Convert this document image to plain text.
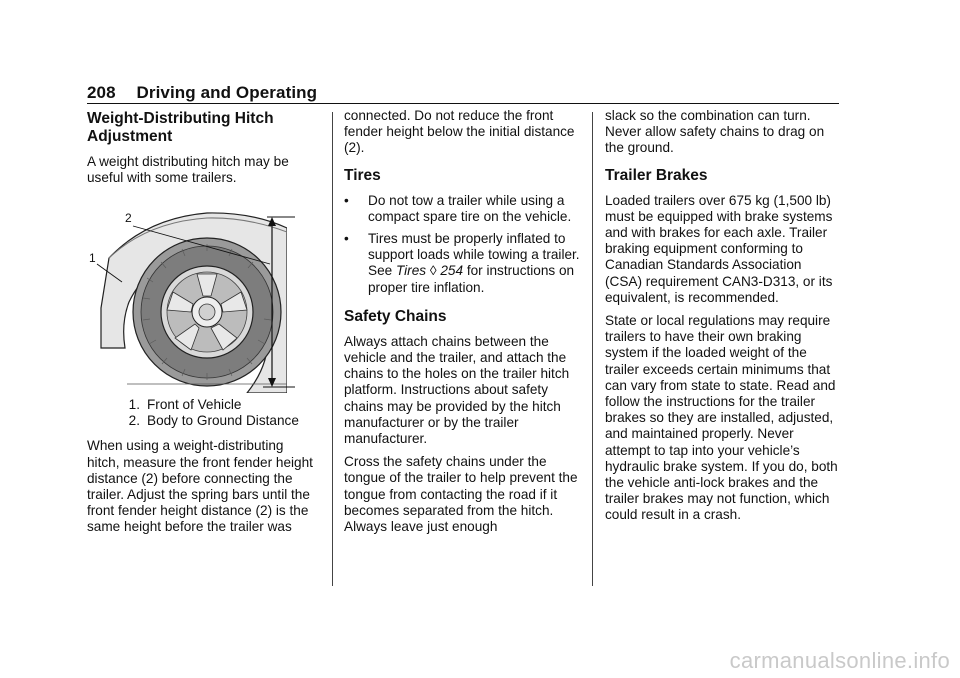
208 Driving and Operating
Weight-Distributing Hitch Adjustment

A weight distributing hitch may be useful with some trailers.

2
1
1. Front of Vehicle
2. Body to Ground Distance

When using a weight-distributing hitch, measure the front fender height distance (2) before connecting the trailer. Adjust the spring bars until the front fender height distance (2) is the same height before the trailer was

connected. Do not reduce the front fender height below the initial distance (2).

Tires
•	Do not tow a trailer while using a compact spare tire on the vehicle.
•	Tires must be properly inflated to support loads while towing a trailer. See Tires ◊ 254 for instructions on proper tire inflation.
Safety Chains

Always attach chains between the vehicle and the trailer, and attach the chains to the holes on the trailer hitch platform. Instructions about safety chains may be provided by the hitch manufacturer or by the trailer manufacturer.

Cross the safety chains under the tongue of the trailer to help prevent the tongue from contacting the road if it becomes separated from the hitch. Always leave just enough

slack so the combination can turn. Never allow safety chains to drag on the ground.

Trailer Brakes

Loaded trailers over 675 kg (1,500 lb) must be equipped with brake systems and with brakes for each axle. Trailer braking equipment conforming to Canadian Standards Association (CSA) requirement CAN3-D313, or its equivalent, is recommended.

State or local regulations may require trailers to have their own braking system if the loaded weight of the trailer exceeds certain minimums that can vary from state to state. Read and follow the instructions for the trailer brakes so they are installed, adjusted, and maintained properly. Never attempt to tap into your vehicle’s hydraulic brake system. If you do, both the vehicle anti-lock brakes and the trailer brakes may not function, which could result in a crash.

carmanualsonline.info
